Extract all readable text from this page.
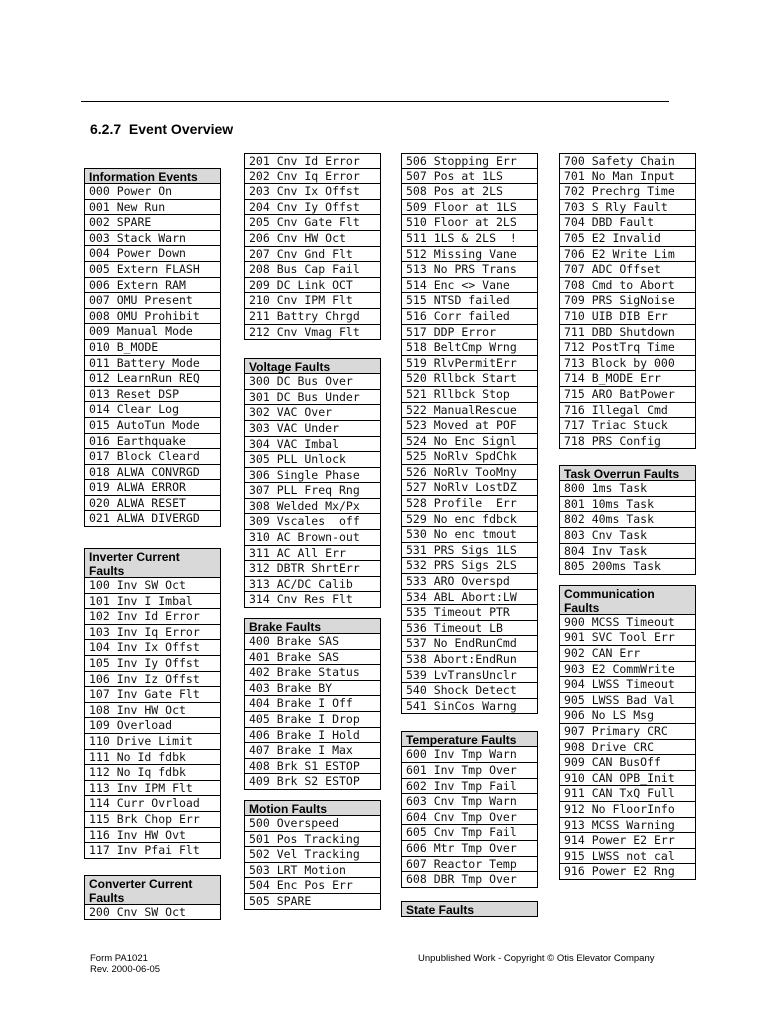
6.2.7 Event Overview
Information Events
000 Power On
001 New Run
002 SPARE
003 Stack Warn
004 Power Down
005 Extern FLASH
006 Extern RAM
007 OMU Present
008 OMU Prohibit
009 Manual Mode
010 B_MODE
011 Battery Mode
012 LearnRun REQ
013 Reset DSP
014 Clear Log
015 AutoTun Mode
016 Earthquake
017 Block Cleard
018 ALWA CONVRGD
019 ALWA ERROR
020 ALWA RESET
021 ALWA DIVERGD
Inverter Current Faults
100 Inv SW Oct
101 Inv I Imbal
102 Inv Id Error
103 Inv Iq Error
104 Inv Ix Offst
105 Inv Iy Offst
106 Inv Iz Offst
107 Inv Gate Flt
108 Inv HW Oct
109 Overload
110 Drive Limit
111 No Id fdbk
112 No Iq fdbk
113 Inv IPM Flt
114 Curr Ovrload
115 Brk Chop Err
116 Inv HW Ovt
117 Inv Pfai Flt
Converter Current Faults
200 Cnv SW Oct
201 Cnv Id Error
202 Cnv Iq Error
203 Cnv Ix Offst
204 Cnv Iy Offst
205 Cnv Gate Flt
206 Cnv HW Oct
207 Cnv Gnd Flt
208 Bus Cap Fail
209 DC Link OCT
210 Cnv IPM Flt
211 Battry Chrgd
212 Cnv Vmag Flt
Voltage Faults
300 DC Bus Over
301 DC Bus Under
302 VAC Over
303 VAC Under
304 VAC Imbal
305 PLL Unlock
306 Single Phase
307 PLL Freq Rng
308 Welded Mx/Px
309 Vscales  off
310 AC Brown-out
311 AC All Err
312 DBTR ShrtErr
313 AC/DC Calib
314 Cnv Res Flt
Brake Faults
400 Brake SAS
401 Brake SAS
402 Brake Status
403 Brake BY
404 Brake I Off
405 Brake I Drop
406 Brake I Hold
407 Brake I Max
408 Brk S1 ESTOP
409 Brk S2 ESTOP
Motion Faults
500 Overspeed
501 Pos Tracking
502 Vel Tracking
503 LRT Motion
504 Enc Pos Err
505 SPARE
506 Stopping Err
507 Pos at 1LS
508 Pos at 2LS
509 Floor at 1LS
510 Floor at 2LS
511 1LS & 2LS  !
512 Missing Vane
513 No PRS Trans
514 Enc <> Vane
515 NTSD failed
516 Corr failed
517 DDP Error
518 BeltCmp Wrng
519 RlvPermitErr
520 Rllbck Start
521 Rllbck Stop
522 ManualRescue
523 Moved at POF
524 No Enc Signl
525 NoRlv SpdChk
526 NoRlv TooMny
527 NoRlv LostDZ
528 Profile  Err
529 No enc fdbck
530 No enc tmout
531 PRS Sigs 1LS
532 PRS Sigs 2LS
533 ARO Overspd
534 ABL Abort:LW
535 Timeout PTR
536 Timeout LB
537 No EndRunCmd
538 Abort:EndRun
539 LvTransUnclr
540 Shock Detect
541 SinCos Warng
Temperature Faults
600 Inv Tmp Warn
601 Inv Tmp Over
602 Inv Tmp Fail
603 Cnv Tmp Warn
604 Cnv Tmp Over
605 Cnv Tmp Fail
606 Mtr Tmp Over
607 Reactor Temp
608 DBR Tmp Over
State Faults
700 Safety Chain
701 No Man Input
702 Prechrg Time
703 S Rly Fault
704 DBD Fault
705 E2 Invalid
706 E2 Write Lim
707 ADC Offset
708 Cmd to Abort
709 PRS SigNoise
710 UIB DIB Err
711 DBD Shutdown
712 PostTrq Time
713 Block by 000
714 B_MODE Err
715 ARO BatPower
716 Illegal Cmd
717 Triac Stuck
718 PRS Config
Task Overrun Faults
800 1ms Task
801 10ms Task
802 40ms Task
803 Cnv Task
804 Inv Task
805 200ms Task
Communication Faults
900 MCSS Timeout
901 SVC Tool Err
902 CAN Err
903 E2 CommWrite
904 LWSS Timeout
905 LWSS Bad Val
906 No LS Msg
907 Primary CRC
908 Drive CRC
909 CAN BusOff
910 CAN OPB_Init
911 CAN TxQ Full
912 No FloorInfo
913 MCSS Warning
914 Power E2 Err
915 LWSS not cal
916 Power E2 Rng
Form PA1021
Rev. 2000-06-05
Unpublished Work - Copyright © Otis Elevator Company
